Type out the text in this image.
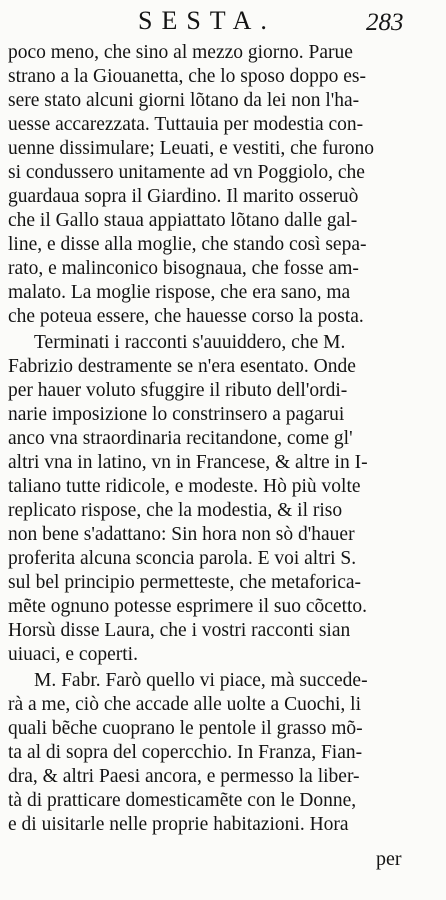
SESTA.	283
poco meno, che sino al mezzo giorno. Parue
strano a la Giouanetta, che lo sposo doppo es-
sere stato alcuni giorni lõtano da lei non l'ha-
uesse accarezzata. Tuttauia per modestia con-
uenne dissimulare; Leuati, e vestiti, che furono
si condussero unitamente ad vn Poggiolo, che
guardaua sopra il Giardino. Il marito osseruò
che il Gallo staua appiattato lõtano dalle gal-
line, e disse alla moglie, che stando così sepa-
rato, e malinconico bisognaua, che fosse am-
malato. La moglie rispose, che era sano, ma
che poteua essere, che hauesse corso la posta.
Terminati i racconti s'auuiddero, che M.
Fabrizio destramente se n'era esentato. Onde
per hauer voluto sfuggire il ributo dell'ordi-
narie imposizione lo constrinsero a pagarui
anco vna straordinaria recitandone, come gl'
altri vna in latino, vn in Francese, & altre in I-
taliano tutte ridicole, e modeste. Hò più volte
replicato rispose, che la modestia, & il riso
non bene s'adattano: Sin hora non sò d'hauer
proferita alcuna sconcia parola. E voi altri S.
sul bel principio permetteste, che metaforica-
mẽte ognuno potesse esprimere il suo cõcetto.
Horsù disse Laura, che i vostri racconti sian
uiuaci, e coperti.
M. Fabr. Farò quello vi piace, mà succede-
rà a me, ciò che accade alle uolte a Cuochi, li
quali bẽche cuoprano le pentole il grasso mõ-
ta al di sopra del copercchio. In Franza, Fian-
dra, & altri Paesi ancora, e permesso la liber-
tà di pratticare domesticamẽte con le Donne,
e di uisitarle nelle proprie habitazioni. Hora
per
